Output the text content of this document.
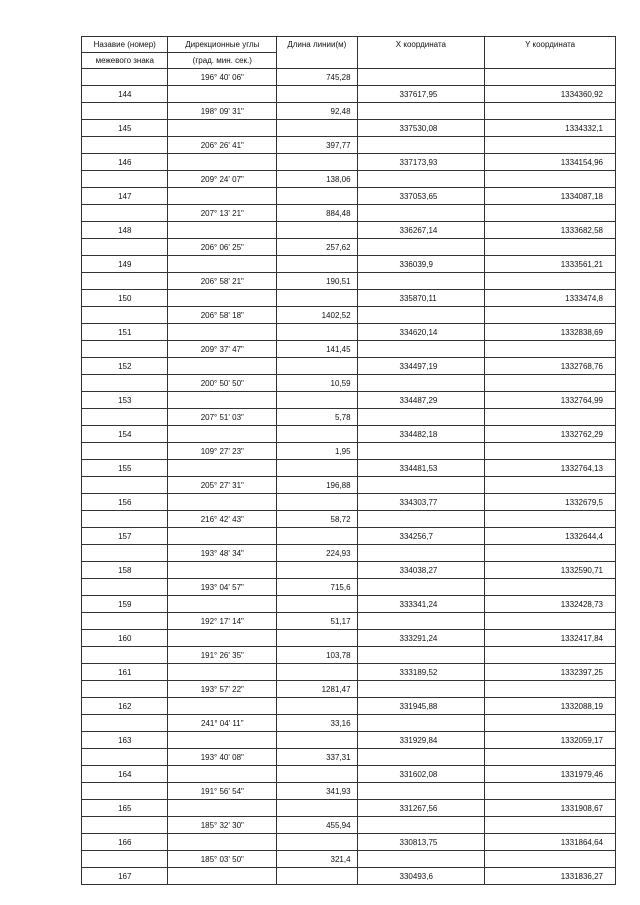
Назавие (номер)	Дирекционные углы	Длина линии(м)	X координата	Y координата
межевого знака	(град. мин. сек.)			
	196° 40' 06"	745,28		
144			337617,95	1334360,92
	198° 09' 31"	92,48		
145			337530,08	1334332,1
	206° 26' 41"	397,77		
146			337173,93	1334154,96
	209° 24' 07"	138,06		
147			337053,65	1334087,18
	207° 13' 21"	884,48		
148			336267,14	1333682,58
	206° 06' 25"	257,62		
149			336039,9	1333561,21
	206° 58' 21"	190,51		
150			335870,11	1333474,8
	206° 58' 18"	1402,52		
151			334620,14	1332838,69
	209° 37' 47"	141,45		
152			334497,19	1332768,76
	200° 50' 50"	10,59		
153			334487,29	1332764,99
	207° 51' 03"	5,78		
154			334482,18	1332762,29
	109° 27' 23"	1,95		
155			334481,53	1332764,13
	205° 27' 31"	196,88		
156			334303,77	1332679,5
	216° 42' 43"	58,72		
157			334256,7	1332644,4
	193° 48' 34"	224,93		
158			334038,27	1332590,71
	193° 04' 57"	715,6		
159			333341,24	1332428,73
	192° 17' 14"	51,17		
160			333291,24	1332417,84
	191° 26' 35"	103,78		
161			333189,52	1332397,25
	193° 57' 22"	1281,47		
162			331945,88	1332088,19
	241° 04' 11"	33,16		
163			331929,84	1332059,17
	193° 40' 08"	337,31		
164			331602,08	1331979,46
	191° 56' 54"	341,93		
165			331267,56	1331908,67
	185° 32' 30"	455,94		
166			330813,75	1331864,64
	185° 03' 50"	321,4		
167			330493,6	1331836,27
